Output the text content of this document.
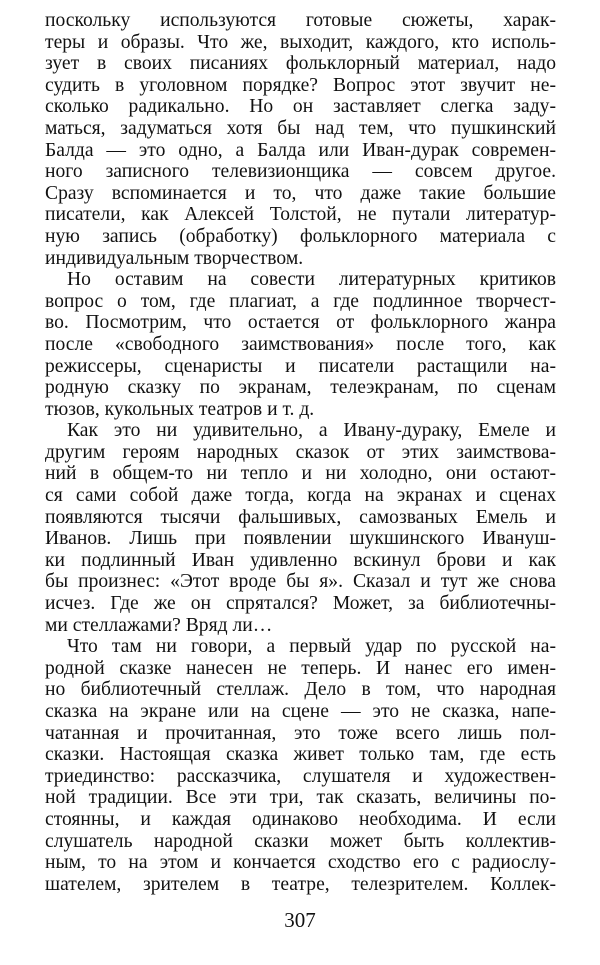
поскольку используются готовые сюжеты, харак-
теры и образы. Что же, выходит, каждого, кто исполь-
зует в своих писаниях фольклорный материал, надо
судить в уголовном порядке? Вопрос этот звучит не-
сколько радикально. Но он заставляет слегка заду-
маться, задуматься хотя бы над тем, что пушкинский
Балда — это одно, а Балда или Иван-дурак современ-
ного записного телевизионщика — совсем другое.
Сразу вспоминается и то, что даже такие большие
писатели, как Алексей Толстой, не путали литератур-
ную запись (обработку) фольклорного материала с
индивидуальным творчеством.
Но оставим на совести литературных критиков
вопрос о том, где плагиат, а где подлинное творчест-
во. Посмотрим, что остается от фольклорного жанра
после «свободного заимствования» после того, как
режиссеры, сценаристы и писатели растащили на-
родную сказку по экранам, телеэкранам, по сценам
тюзов, кукольных театров и т. д.
Как это ни удивительно, а Ивану-дураку, Емеле и
другим героям народных сказок от этих заимствова-
ний в общем-то ни тепло и ни холодно, они остают-
ся сами собой даже тогда, когда на экранах и сценах
появляются тысячи фальшивых, самозваных Емель и
Иванов. Лишь при появлении шукшинского Ивануш-
ки подлинный Иван удивленно вскинул брови и как
бы произнес: «Этот вроде бы я». Сказал и тут же снова
исчез. Где же он спрятался? Может, за библиотечны-
ми стеллажами? Вряд ли…
Что там ни говори, а первый удар по русской на-
родной сказке нанесен не теперь. И нанес его имен-
но библиотечный стеллаж. Дело в том, что народная
сказка на экране или на сцене — это не сказка, напе-
чатанная и прочитанная, это тоже всего лишь пол-
сказки. Настоящая сказка живет только там, где есть
триединство: рассказчика, слушателя и художествен-
ной традиции. Все эти три, так сказать, величины по-
стоянны, и каждая одинаково необходима. И если
слушатель народной сказки может быть коллектив-
ным, то на этом и кончается сходство его с радиослу-
шателем, зрителем в театре, телезрителем. Коллек-
307
